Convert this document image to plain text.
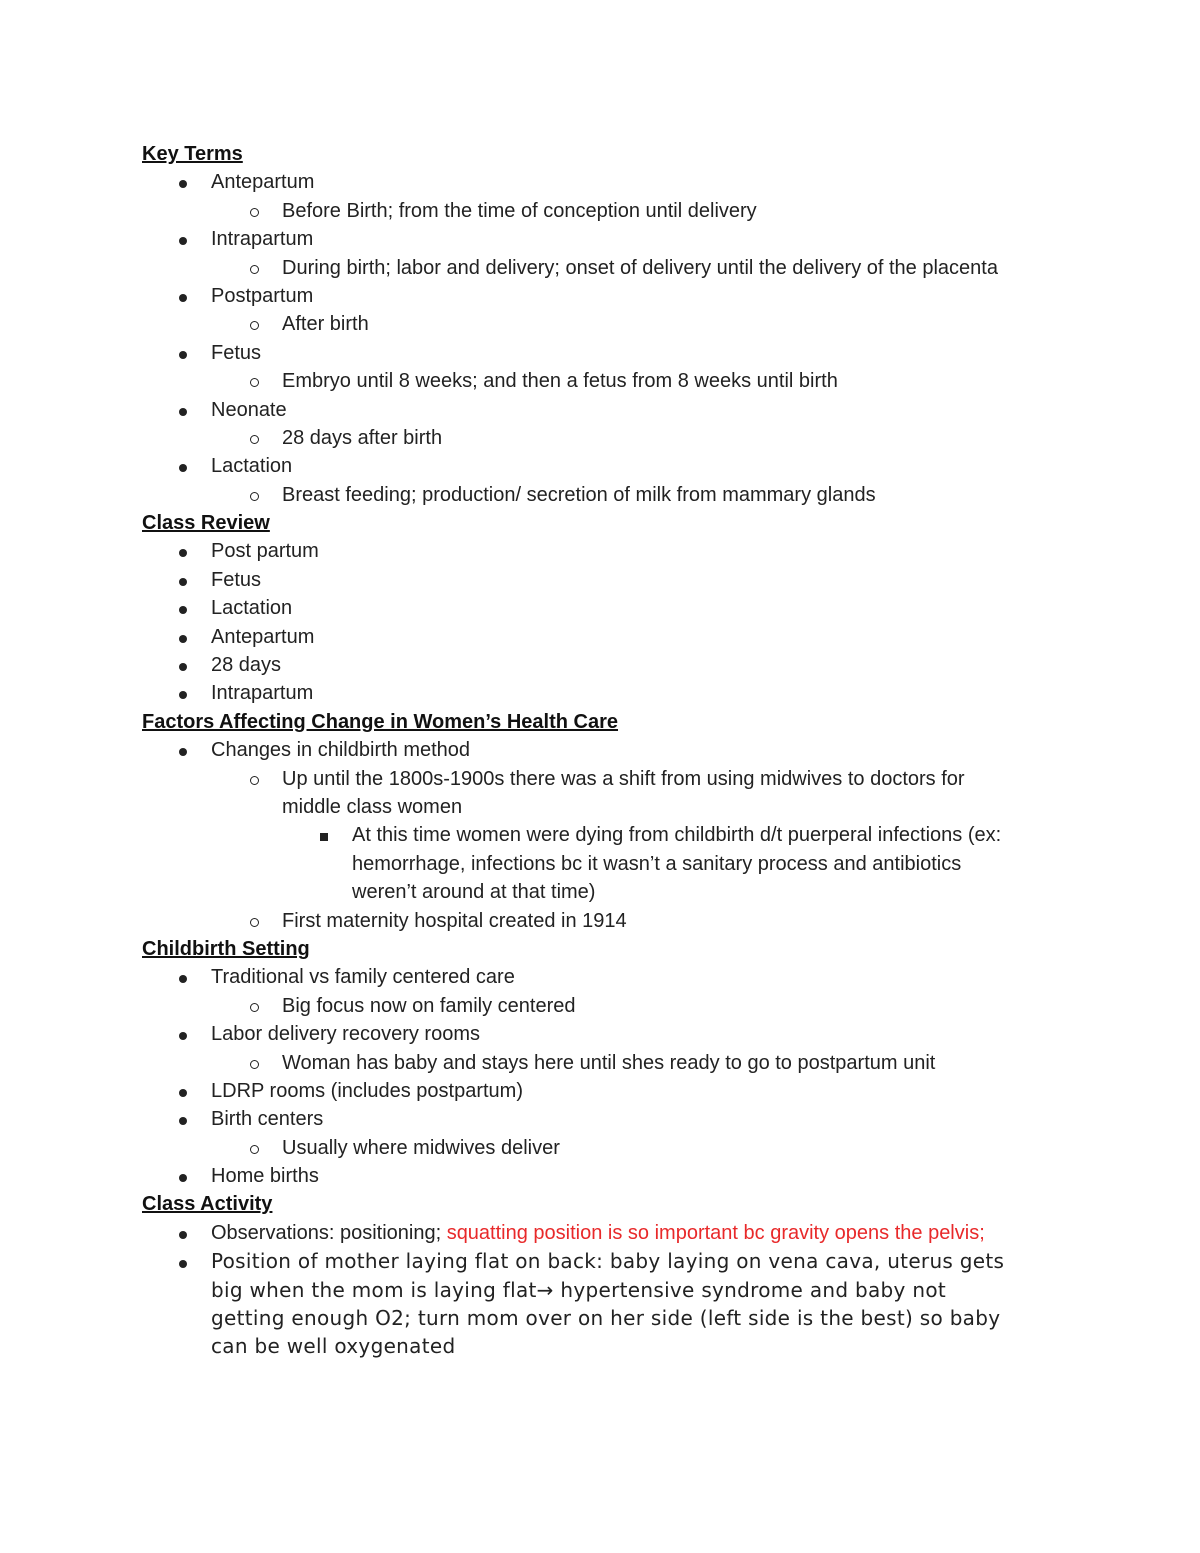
Key Terms
Antepartum
Before Birth; from the time of conception until delivery
Intrapartum
During birth; labor and delivery; onset of delivery until the delivery of the placenta
Postpartum
After birth
Fetus
Embryo until 8 weeks; and then a fetus from 8 weeks until birth
Neonate
28 days after birth
Lactation
Breast feeding; production/ secretion of milk from mammary glands
Class Review
Post partum
Fetus
Lactation
Antepartum
28 days
Intrapartum
Factors Affecting Change in Women’s Health Care
Changes in childbirth method
Up until the 1800s-1900s there was a shift from using midwives to doctors for
middle class women
At this time women were dying from childbirth d/t puerperal infections (ex:
hemorrhage, infections bc it wasn’t a sanitary process and antibiotics
weren’t around at that time)
First maternity hospital created in 1914
Childbirth Setting
Traditional vs family centered care
Big focus now on family centered
Labor delivery recovery rooms
Woman has baby and stays here until shes ready to go to postpartum unit
LDRP rooms (includes postpartum)
Birth centers
Usually where midwives deliver
Home births
Class Activity
Observations: positioning; squatting position is so important bc gravity opens the pelvis;
Position of mother laying flat on back: baby laying on vena cava, uterus gets
big when the mom is laying flat→ hypertensive syndrome and baby not
getting enough O2; turn mom over on her side (left side is the best) so baby
can be well oxygenated
